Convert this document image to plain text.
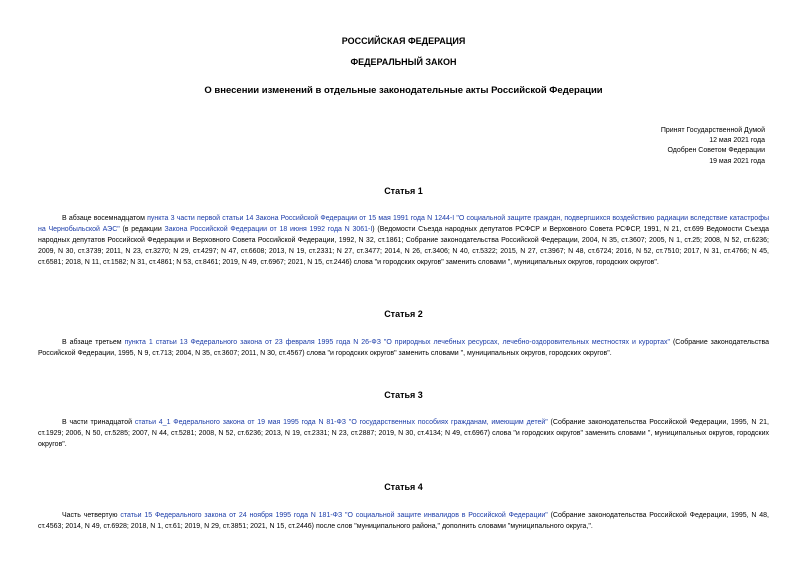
РОССИЙСКАЯ ФЕДЕРАЦИЯ
ФЕДЕРАЛЬНЫЙ ЗАКОН
О внесении изменений в отдельные законодательные акты Российской Федерации
Принят Государственной Думой
12 мая 2021 года
Одобрен Советом Федерации
19 мая 2021 года
Статья 1

В абзаце восемнадцатом пункта 3 части первой статьи 14 Закона Российской Федерации от 15 мая 1991 года N 1244-I "О социальной защите граждан, подвергшихся воздействию радиации вследствие катастрофы на Чернобыльской АЭС" (в редакции Закона Российской Федерации от 18 июня 1992 года N 3061-I) (Ведомости Съезда народных депутатов РСФСР и Верховного Совета РСФСР, 1991, N 21, ст.699 Ведомости Съезда народных депутатов Российской Федерации и Верховного Совета Российской Федерации, 1992, N 32, ст.1861; Собрание законодательства Российской Федерации, 2004, N 35, ст.3607; 2005, N 1, ст.25; 2008, N 52, ст.6236; 2009, N 30, ст.3739; 2011, N 23, ст.3270; N 29, ст.4297; N 47, ст.6608; 2013, N 19, ст.2331; N 27, ст.3477; 2014, N 26, ст.3406; N 40, ст.5322; 2015, N 27, ст.3967; N 48, ст.6724; 2016, N 52, ст.7510; 2017, N 31, ст.4766; N 45, ст.6581; 2018, N 11, ст.1582; N 31, ст.4861; N 53, ст.8461; 2019, N 49, ст.6967; 2021, N 15, ст.2446) слова "и городских округов" заменить словами ", муниципальных округов, городских округов".

Статья 2

В абзаце третьем пункта 1 статьи 13 Федерального закона от 23 февраля 1995 года N 26-ФЗ "О природных лечебных ресурсах, лечебно-оздоровительных местностях и курортах" (Собрание законодательства Российской Федерации, 1995, N 9, ст.713; 2004, N 35, ст.3607; 2011, N 30, ст.4567) слова "и городских округов" заменить словами ", муниципальных округов, городских округов".

Статья 3

В части тринадцатой статьи 4_1 Федерального закона от 19 мая 1995 года N 81-ФЗ "О государственных пособиях гражданам, имеющим детей" (Собрание законодательства Российской Федерации, 1995, N 21, ст.1929; 2006, N 50, ст.5285; 2007, N 44, ст.5281; 2008, N 52, ст.6236; 2013, N 19, ст.2331; N 23, ст.2887; 2019, N 30, ст.4134; N 49, ст.6967) слова "и городских округов" заменить словами ", муниципальных округов, городских округов".

Статья 4

Часть четвертую статьи 15 Федерального закона от 24 ноября 1995 года N 181-ФЗ "О социальной защите инвалидов в Российской Федерации" (Собрание законодательства Российской Федерации, 1995, N 48, ст.4563; 2014, N 49, ст.6928; 2018, N 1, ст.61; 2019, N 29, ст.3851; 2021, N 15, ст.2446) после слов "муниципального района," дополнить словами "муниципального округа,".
